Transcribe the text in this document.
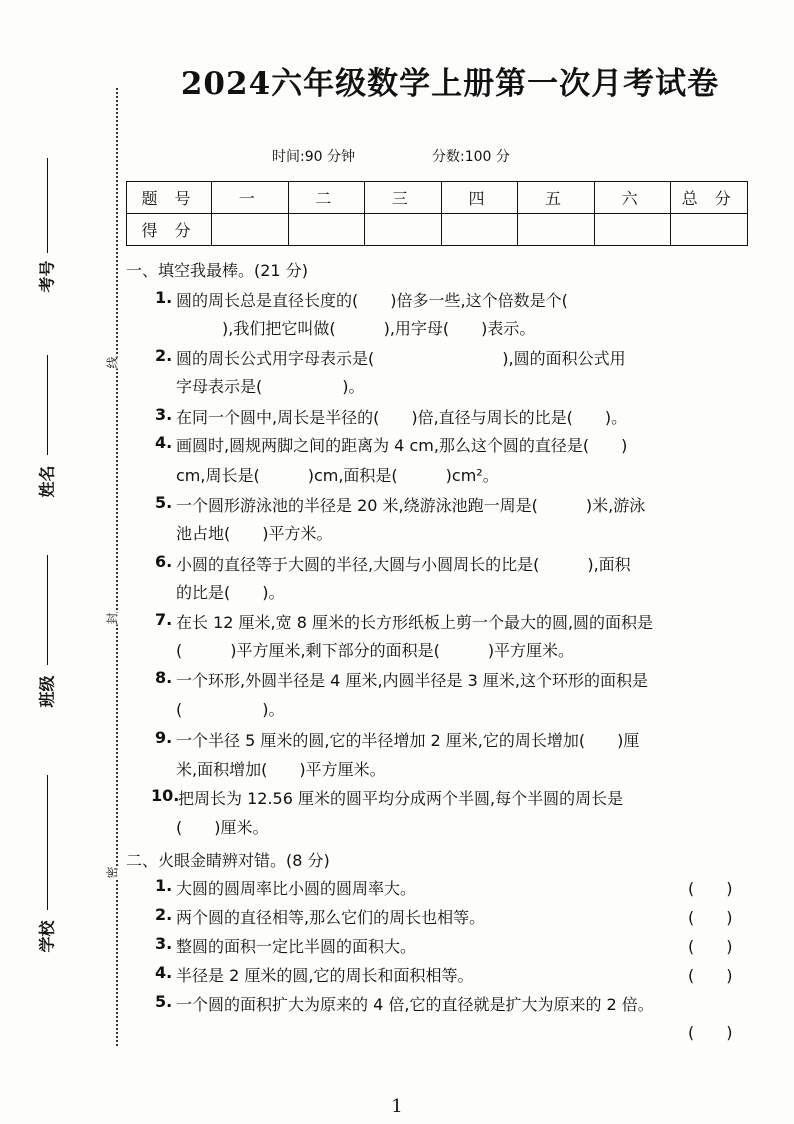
2024六年级数学上册第一次月考试卷
时间:90 分钟	分数:100 分
考号
姓名
班级
学校
线
封
密
题 号	一	二	三	四	五	六	总 分
得 分							
一、填空我最棒。(21 分)
1. 圆的周长总是直径长度的(　　)倍多一些,这个倍数是个(
　　),我们把它叫做(　　　),用字母(　　)表示。
2. 圆的周长公式用字母表示是(　　　　　　　　),圆的面积公式用
字母表示是(　　　　　)。
3. 在同一个圆中,周长是半径的(　　)倍,直径与周长的比是(　　)。
4. 画圆时,圆规两脚之间的距离为 4 cm,那么这个圆的直径是(　　)
cm,周长是(　　　)cm,面积是(　　　)cm²。
5. 一个圆形游泳池的半径是 20 米,绕游泳池跑一周是(　　　)米,游泳
池占地(　　)平方米。
6. 小圆的直径等于大圆的半径,大圆与小圆周长的比是(　　　),面积
的比是(　　)。
7. 在长 12 厘米,宽 8 厘米的长方形纸板上剪一个最大的圆,圆的面积是
(　　　)平方厘米,剩下部分的面积是(　　　)平方厘米。
8. 一个环形,外圆半径是 4 厘米,内圆半径是 3 厘米,这个环形的面积是
(　　　　　)。
9. 一个半径 5 厘米的圆,它的半径增加 2 厘米,它的周长增加(　　)厘
米,面积增加(　　)平方厘米。
10.
把周长为 12.56 厘米的圆平均分成两个半圆,每个半圆的周长是
(　　)厘米。
二、火眼金睛辨对错。(8 分)
1. 大圆的圆周率比小圆的圆周率大。	(　　)
2. 两个圆的直径相等,那么它们的周长也相等。	(　　)
3. 整圆的面积一定比半圆的面积大。	(　　)
4. 半径是 2 厘米的圆,它的周长和面积相等。	(　　)
5. 一个圆的面积扩大为原来的 4 倍,它的直径就是扩大为原来的 2 倍。
(　　)
1
